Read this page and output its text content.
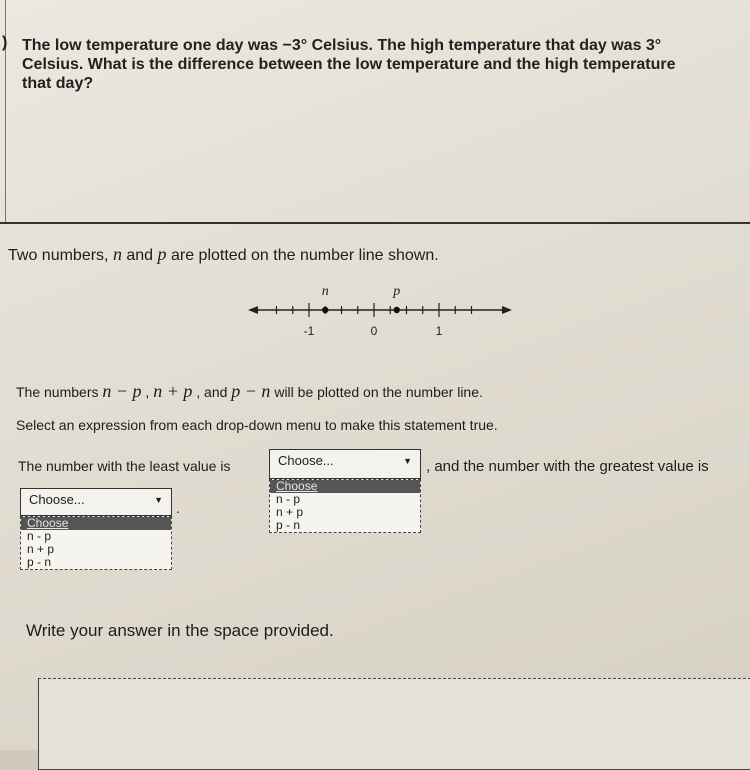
) The low temperature one day was −3° Celsius. The high temperature that day was 3° Celsius. What is the difference between the low temperature and the high temperature that day?
Two numbers, n and p are plotted on the number line shown.
-1	0	1
n	p
The numbers n − p , n + p , and p − n will be plotted on the number line.
Select an expression from each drop-down menu to make this statement true.
The number with the least value is	Choose...	▼
Choose
n - p
n + p
p - n
, and the number with the greatest value is
Choose...	▼
Choose
n - p
n + p
p - n
.
Write your answer in the space provided.
